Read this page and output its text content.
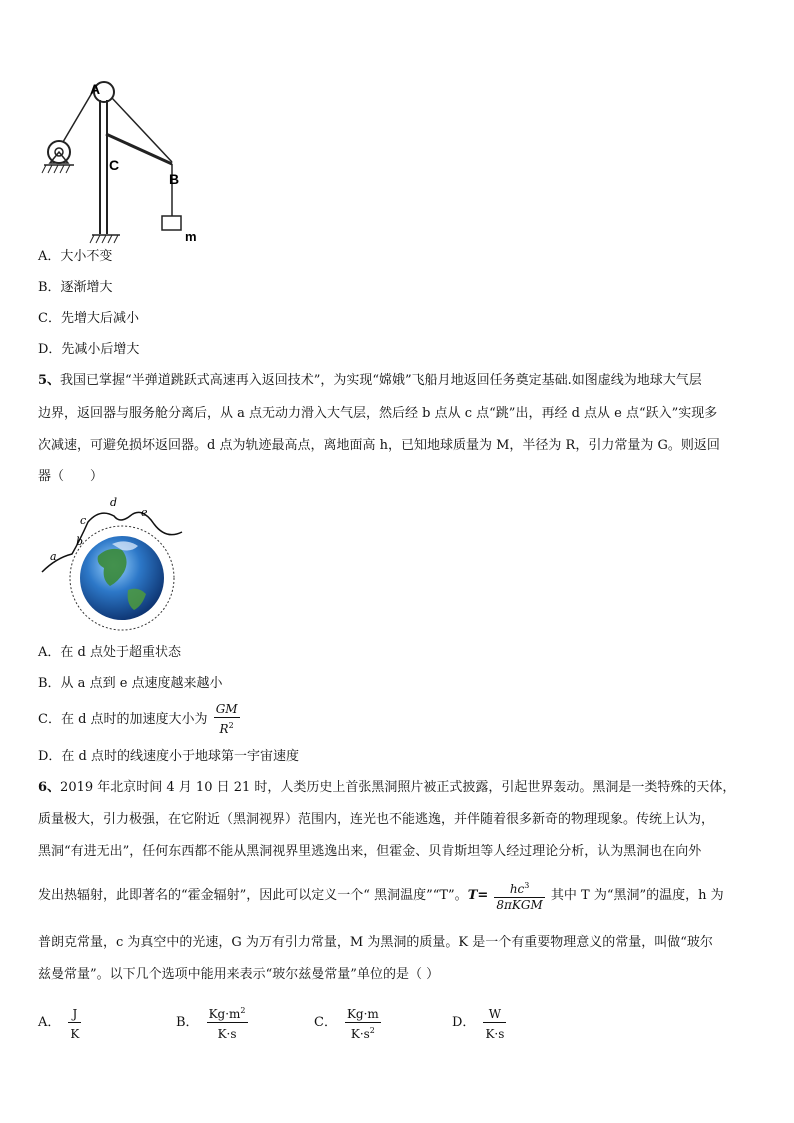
A
C
B
m
A．大小不变
B．逐渐增大
C．先增大后减小
D．先减小后增大
5、我国已掌握“半弹道跳跃式高速再入返回技术”，为实现“嫦娥”飞船月地返回任务奠定基础.如图虚线为地球大气层
边界，返回器与服务舱分离后，从 a 点无动力滑入大气层，然后经 b 点从 c 点“跳”出，再经 d 点从 e 点“跃入”实现多
次减速，可避免损坏返回器。d 点为轨迹最高点，离地面高 h，已知地球质量为 M，半径为 R，引力常量为 G。则返回
器（　　）
a
b
c
d
e
A．在 d 点处于超重状态
B．从 a 点到 e 点速度越来越小
C．在 d 点时的加速度大小为 $\frac{GM}{R^2}$
D．在 d 点时的线速度小于地球第一宇宙速度
6、2019 年北京时间 4 月 10 日 21 时，人类历史上首张黑洞照片被正式披露，引起世界轰动。黑洞是一类特殊的天体，
质量极大，引力极强，在它附近（黑洞视界）范围内，连光也不能逃逸，并伴随着很多新奇的物理现象。传统上认为，
黑洞“有进无出”，任何东西都不能从黑洞视界里逃逸出来，但霍金、贝肯斯坦等人经过理论分析，认为黑洞也在向外
发出热辐射，此即著名的“霍金辐射”，因此可以定义一个“ 黑洞温度”“T”。$T= \frac{hc^3}{\text{8πKGM}}$ 其中 T 为“黑洞”的温度，h 为
普朗克常量，c 为真空中的光速，G 为万有引力常量，M 为黑洞的质量。K 是一个有重要物理意义的常量，叫做“玻尔
兹曼常量”。以下几个选项中能用来表示“玻尔兹曼常量”单位的是（ ）
A． $\frac{J}{K}$	B． $\frac{Kg\cdot m^2}{K\cdot s}$	C． $\frac{Kg\cdot m}{K\cdot s^2}$	D． $\frac{W}{K\cdot s}$
